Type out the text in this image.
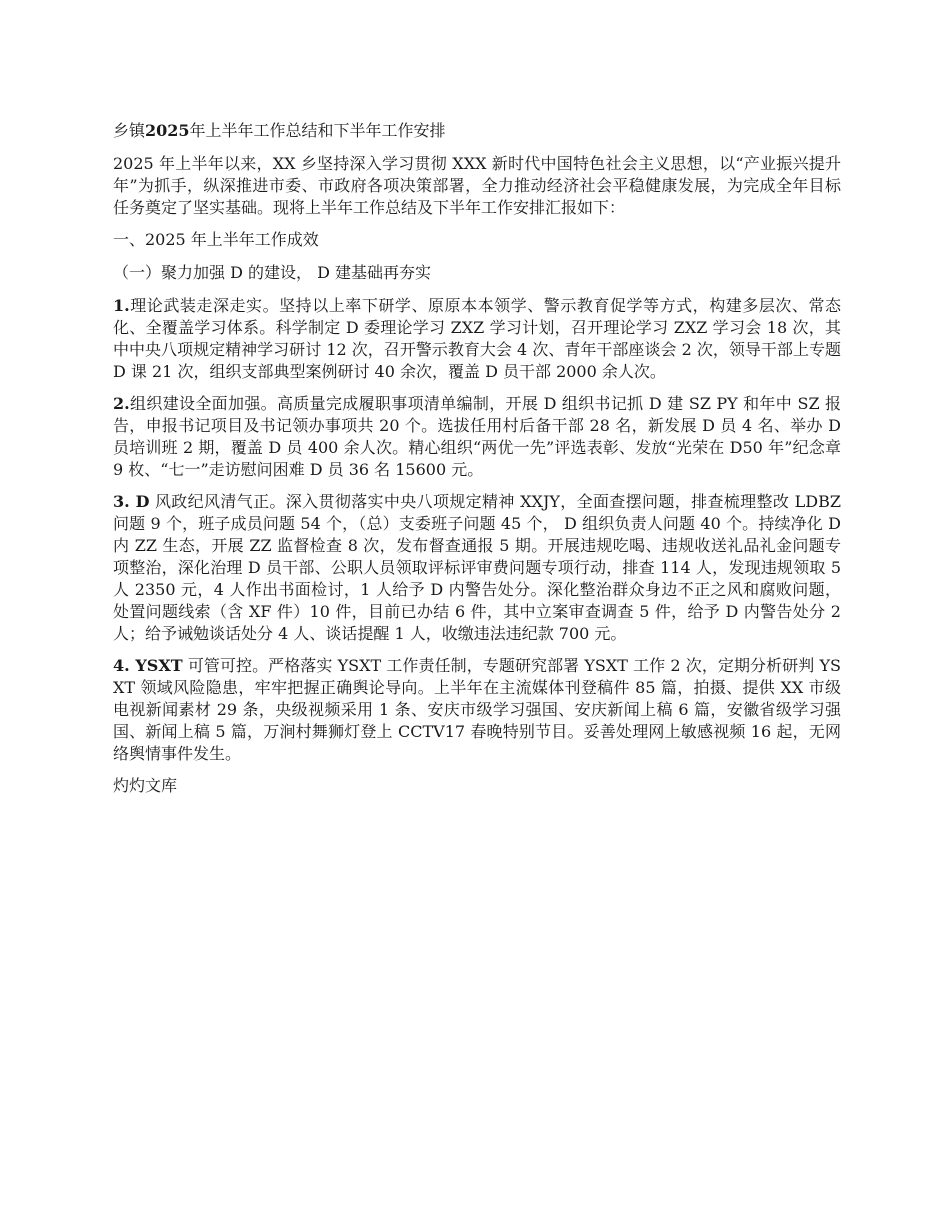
乡镇2025年上半年工作总结和下半年工作安排

2025 年上半年以来，XX 乡坚持深入学习贯彻 XXX 新时代中国特色社会主义思想，以“产业振兴提升年”为抓手，纵深推进市委、市政府各项决策部署，全力推动经济社会平稳健康发展，为完成全年目标任务奠定了坚实基础。现将上半年工作总结及下半年工作安排汇报如下：

一、2025 年上半年工作成效

（一）聚力加强 D 的建设， D 建基础再夯实

1.理论武装走深走实。坚持以上率下研学、原原本本领学、警示教育促学等方式，构建多层次、常态化、全覆盖学习体系。科学制定 D 委理论学习 ZXZ 学习计划，召开理论学习 ZXZ 学习会 18 次，其中中央八项规定精神学习研讨 12 次，召开警示教育大会 4 次、青年干部座谈会 2 次，领导干部上专题 D 课 21 次，组织支部典型案例研讨 40 余次，覆盖 D 员干部 2000 余人次。

2.组织建设全面加强。高质量完成履职事项清单编制，开展 D 组织书记抓 D 建 SZ PY 和年中 SZ 报告，申报书记项目及书记领办事项共 20 个。选拔任用村后备干部 28 名，新发展 D 员 4 名、举办 D 员培训班 2 期，覆盖 D 员 400 余人次。精心组织“两优一先”评选表彰、发放“光荣在 D50 年”纪念章 9 枚、“七一”走访慰问困难 D 员 36 名 15600 元。

3. D 风政纪风清气正。深入贯彻落实中央八项规定精神 XXJY，全面查摆问题，排查梳理整改 LDBZ 问题 9 个，班子成员问题 54 个，（总）支委班子问题 45 个， D 组织负责人问题 40 个。持续净化 D 内 ZZ 生态，开展 ZZ 监督检查 8 次，发布督查通报 5 期。开展违规吃喝、违规收送礼品礼金问题专项整治，深化治理 D 员干部、公职人员领取评标评审费问题专项行动，排查 114 人，发现违规领取 5 人 2350 元，4 人作出书面检讨，1 人给予 D 内警告处分。深化整治群众身边不正之风和腐败问题，处置问题线索（含 XF 件）10 件，目前已办结 6 件，其中立案审查调查 5 件，给予 D 内警告处分 2 人；给予诫勉谈话处分 4 人、谈话提醒 1 人，收缴违法违纪款 700 元。

4. YSXT 可管可控。严格落实 YSXT 工作责任制，专题研究部署 YSXT 工作 2 次，定期分析研判 YSXT 领域风险隐患，牢牢把握正确舆论导向。上半年在主流媒体刊登稿件 85 篇，拍摄、提供 XX 市级电视新闻素材 29 条，央级视频采用 1 条、安庆市级学习强国、安庆新闻上稿 6 篇，安徽省级学习强国、新闻上稿 5 篇，万涧村舞狮灯登上 CCTV17 春晚特别节目。妥善处理网上敏感视频 16 起，无网络舆情事件发生。

灼灼文库
